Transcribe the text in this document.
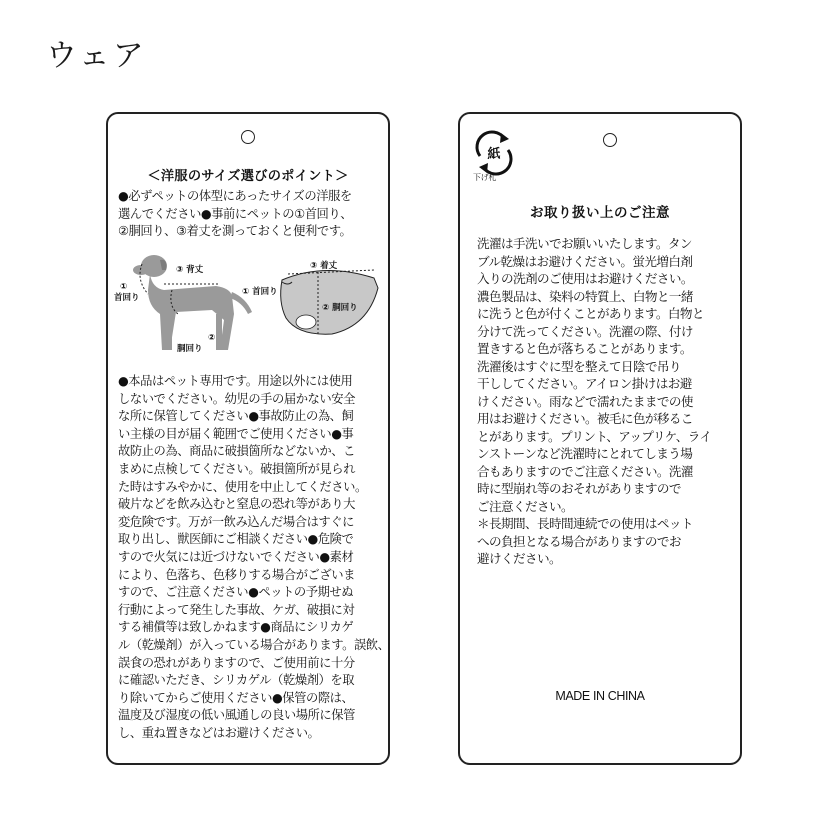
ウェア
＜洋服のサイズ選びのポイント＞
●必ずペットの体型にあったサイズの洋服を
選んでください●事前にペットの①首回り、
②胴回り、③着丈を測っておくと便利です。
①
首回り
③ 背丈
②
胴回り
③ 着丈
① 首回り
② 胴回り
●本品はペット専用です。用途以外には使用
しないでください。幼児の手の届かない安全
な所に保管してください●事故防止の為、飼
い主様の目が届く範囲でご使用ください●事
故防止の為、商品に破損箇所などないか、こ
まめに点検してください。破損箇所が見られ
た時はすみやかに、使用を中止してください。
破片などを飲み込むと窒息の恐れ等があり大
変危険です。万が一飲み込んだ場合はすぐに
取り出し、獣医師にご相談ください●危険で
すので火気には近づけないでください●素材
により、色落ち、色移りする場合がございま
すので、ご注意ください●ペットの予期せぬ
行動によって発生した事故、ケガ、破損に対
する補償等は致しかねます●商品にシリカゲ
ル（乾燥剤）が入っている場合があります。誤飲、
誤食の恐れがありますので、ご使用前に十分
に確認いただき、シリカゲル（乾燥剤）を取
り除いてからご使用ください●保管の際は、
温度及び湿度の低い風通しの良い場所に保管
し、重ね置きなどはお避けください。
紙
下げ札
お取り扱い上のご注意
洗濯は手洗いでお願いいたします。タン
ブル乾燥はお避けください。蛍光増白剤
入りの洗剤のご使用はお避けください。
濃色製品は、染料の特質上、白物と一緒
に洗うと色が付くことがあります。白物と
分けて洗ってください。洗濯の際、付け
置きすると色が落ちることがあります。
洗濯後はすぐに型を整えて日陰で吊り
干ししてください。アイロン掛けはお避
けください。雨などで濡れたままでの使
用はお避けください。被毛に色が移るこ
とがあります。プリント、アップリケ、ライ
ンストーンなど洗濯時にとれてしまう場
合もありますのでご注意ください。洗濯
時に型崩れ等のおそれがありますので
ご注意ください。
＊長期間、長時間連続での使用はペット
への負担となる場合がありますのでお
避けください。
MADE IN CHINA
